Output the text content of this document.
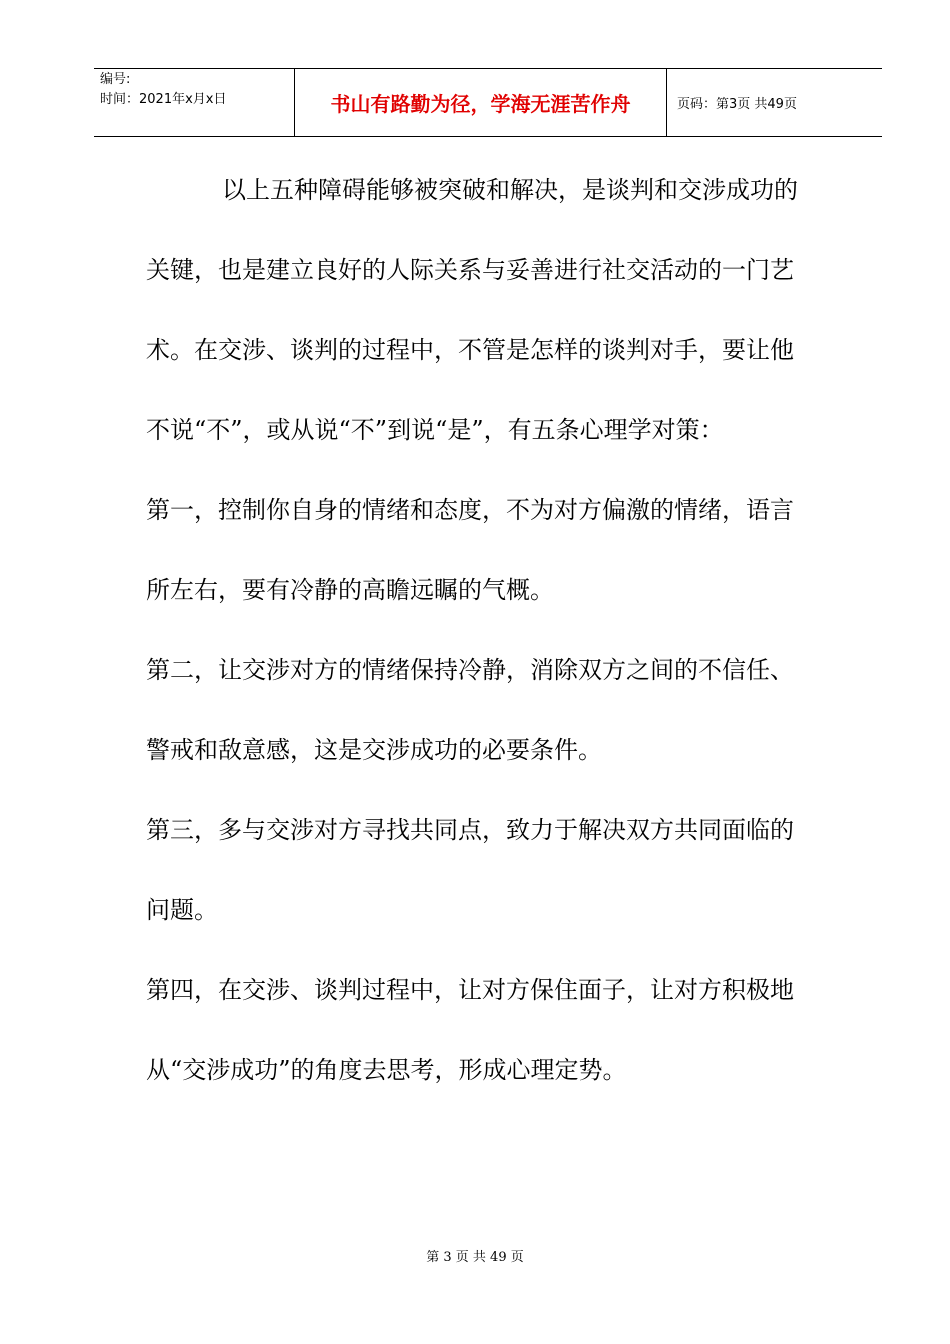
编号:
时间：2021年x月x日	书山有路勤为径，学海无涯苦作舟	页码：第3页 共49页

以上五种障碍能够被突破和解决，是谈判和交涉成功的

关键，也是建立良好的人际关系与妥善进行社交活动的一门艺

术。在交涉、谈判的过程中，不管是怎样的谈判对手，要让他

不说“不”，或从说“不”到说“是”，有五条心理学对策：

第一，控制你自身的情绪和态度，不为对方偏激的情绪，语言

所左右，要有冷静的高瞻远瞩的气概。

第二，让交涉对方的情绪保持冷静，消除双方之间的不信任、

警戒和敌意感，这是交涉成功的必要条件。

第三，多与交涉对方寻找共同点，致力于解决双方共同面临的

问题。

第四，在交涉、谈判过程中，让对方保住面子，让对方积极地

从“交涉成功”的角度去思考，形成心理定势。

第 3 页 共 49 页
